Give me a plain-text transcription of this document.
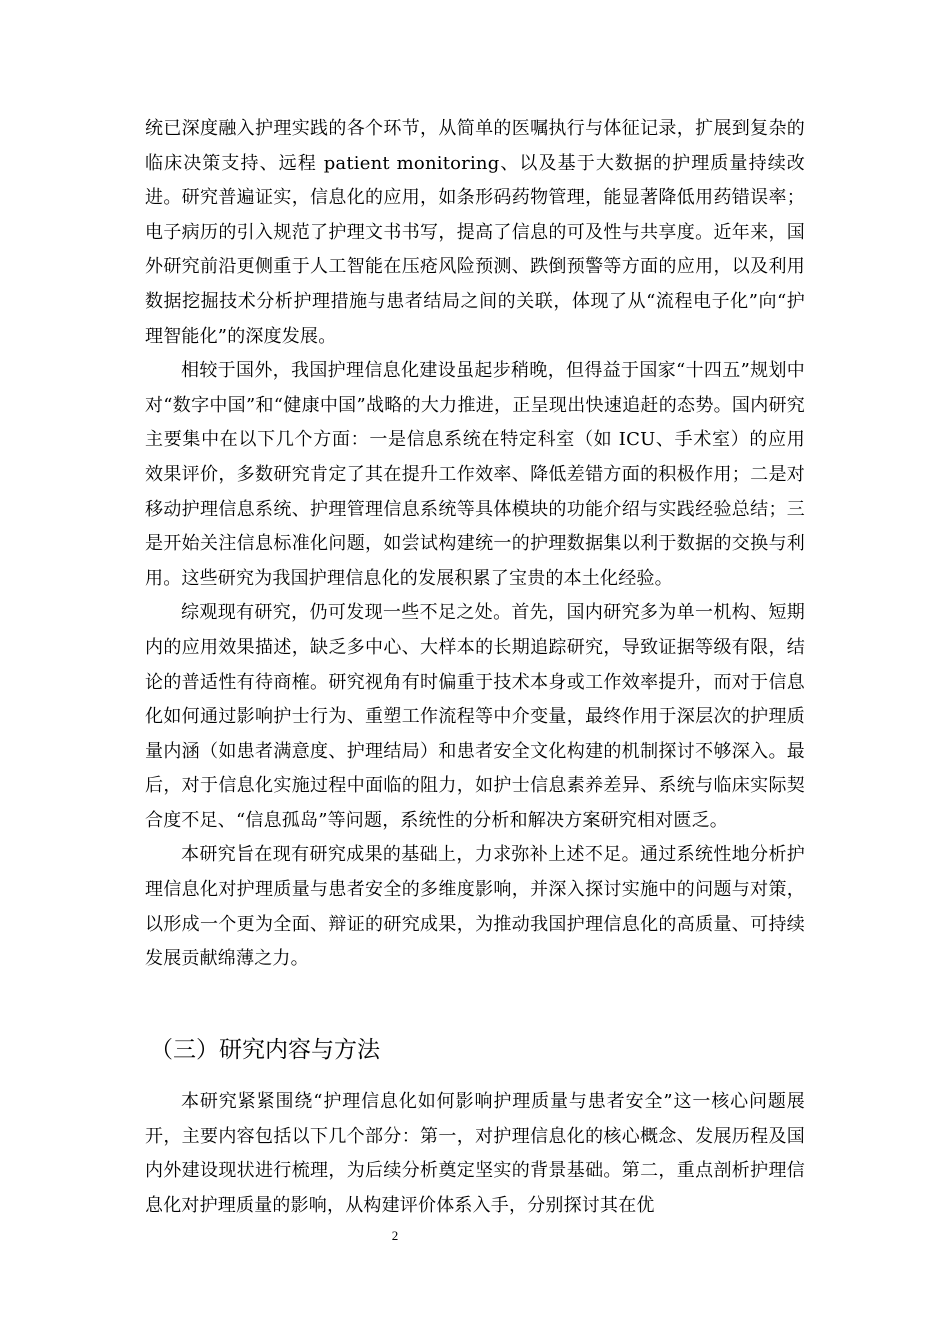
统已深度融入护理实践的各个环节，从简单的医嘱执行与体征记录，扩展到复杂的临床决策支持、远程 patient monitoring、以及基于大数据的护理质量持续改进。研究普遍证实，信息化的应用，如条形码药物管理，能显著降低用药错误率；电子病历的引入规范了护理文书书写，提高了信息的可及性与共享度。近年来，国外研究前沿更侧重于人工智能在压疮风险预测、跌倒预警等方面的应用，以及利用数据挖掘技术分析护理措施与患者结局之间的关联，体现了从“流程电子化”向“护理智能化”的深度发展。

相较于国外，我国护理信息化建设虽起步稍晚，但得益于国家“十四五”规划中对“数字中国”和“健康中国”战略的大力推进，正呈现出快速追赶的态势。国内研究主要集中在以下几个方面：一是信息系统在特定科室（如 ICU、手术室）的应用效果评价，多数研究肯定了其在提升工作效率、降低差错方面的积极作用；二是对移动护理信息系统、护理管理信息系统等具体模块的功能介绍与实践经验总结；三是开始关注信息标准化问题，如尝试构建统一的护理数据集以利于数据的交换与利用。这些研究为我国护理信息化的发展积累了宝贵的本土化经验。

综观现有研究，仍可发现一些不足之处。首先，国内研究多为单一机构、短期内的应用效果描述，缺乏多中心、大样本的长期追踪研究，导致证据等级有限，结论的普适性有待商榷。研究视角有时偏重于技术本身或工作效率提升，而对于信息化如何通过影响护士行为、重塑工作流程等中介变量，最终作用于深层次的护理质量内涵（如患者满意度、护理结局）和患者安全文化构建的机制探讨不够深入。最后，对于信息化实施过程中面临的阻力，如护士信息素养差异、系统与临床实际契合度不足、“信息孤岛”等问题，系统性的分析和解决方案研究相对匮乏。

本研究旨在现有研究成果的基础上，力求弥补上述不足。通过系统性地分析护理信息化对护理质量与患者安全的多维度影响，并深入探讨实施中的问题与对策，以形成一个更为全面、辩证的研究成果，为推动我国护理信息化的高质量、可持续发展贡献绵薄之力。

（三）研究内容与方法

本研究紧紧围绕“护理信息化如何影响护理质量与患者安全”这一核心问题展开，主要内容包括以下几个部分：第一，对护理信息化的核心概念、发展历程及国内外建设现状进行梳理，为后续分析奠定坚实的背景基础。第二，重点剖析护理信息化对护理质量的影响，从构建评价体系入手，分别探讨其在优

2
